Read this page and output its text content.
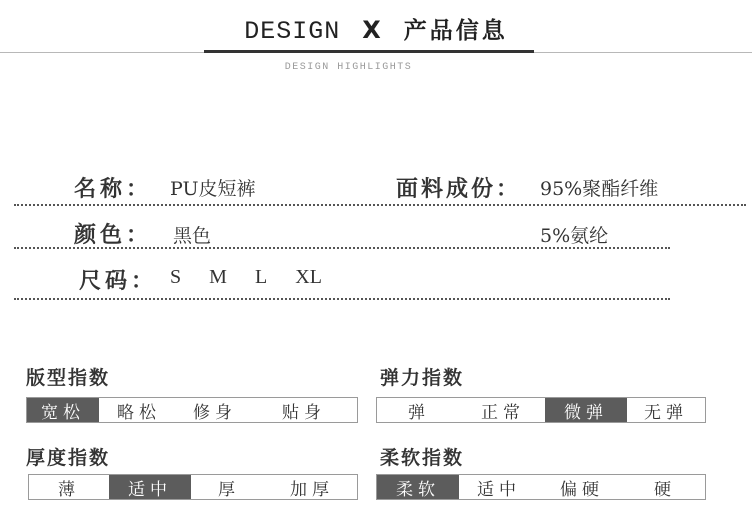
DESIGN X 产品信息
DESIGN HIGHLIGHTS
名称： PU皮短裤	面料成份： 95%聚酯纤维
颜色： 黑色	5%氨纶
尺码： S M L XL
版型指数
宽松	略松	修身	贴身
弹力指数
弹	正常	微弹	无弹
厚度指数
薄	适中	厚	加厚
柔软指数
柔软	适中	偏硬	硬
